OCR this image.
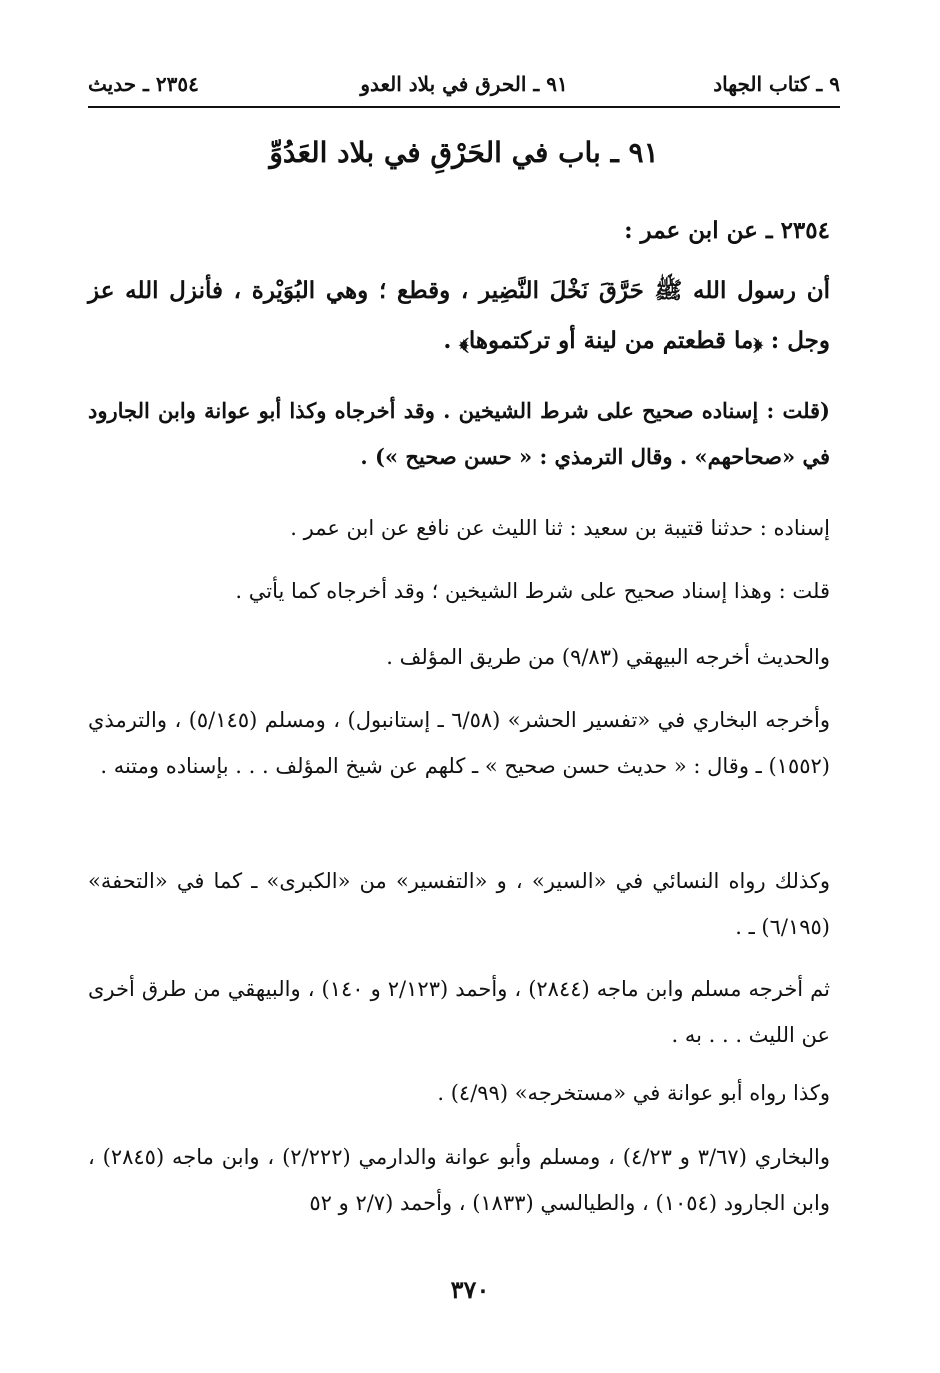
٩ ـ كتاب الجهاد
٩١ ـ الحرق في بلاد العدو
٢٣٥٤ ـ حديث
٩١ ـ باب في الحَرْقِ في بلاد العَدُوِّ
٢٣٥٤ ـ عن ابن عمر :
أن رسول الله ﷺ حَرَّقَ نَخْلَ النَّضِير ، وقطع ؛ وهي البُوَيْرة ، فأنزل الله عز وجل : ﴿ما قطعتم من لينة أو تركتموها﴾ .
(قلت : إسناده صحيح على شرط الشيخين . وقد أخرجاه وكذا أبو عوانة وابن الجارود في «صحاحهم» . وقال الترمذي : « حسن صحيح ») .
إسناده : حدثنا قتيبة بن سعيد : ثنا الليث عن نافع عن ابن عمر .
قلت : وهذا إسناد صحيح على شرط الشيخين ؛ وقد أخرجاه كما يأتي .
والحديث أخرجه البيهقي (٩/٨٣) من طريق المؤلف .
وأخرجه البخاري في «تفسير الحشر» (٦/٥٨ ـ إستانبول) ، ومسلم (٥/١٤٥) ، والترمذي (١٥٥٢) ـ وقال : « حديث حسن صحيح » ـ كلهم عن شيخ المؤلف . . . بإسناده ومتنه .
وكذلك رواه النسائي في «السير» ، و «التفسير» من «الكبرى» ـ كما في «التحفة» (٦/١٩٥) ـ .
ثم أخرجه مسلم وابن ماجه (٢٨٤٤) ، وأحمد (٢/١٢٣ و ١٤٠) ، والبيهقي من طرق أخرى عن الليث . . . به .
وكذا رواه أبو عوانة في «مستخرجه» (٤/٩٩) .
والبخاري (٣/٦٧ و ٤/٢٣) ، ومسلم وأبو عوانة والدارمي (٢/٢٢٢) ، وابن ماجه (٢٨٤٥) ، وابن الجارود (١٠٥٤) ، والطيالسي (١٨٣٣) ، وأحمد (٢/٧ و ٥٢
٣٧٠
